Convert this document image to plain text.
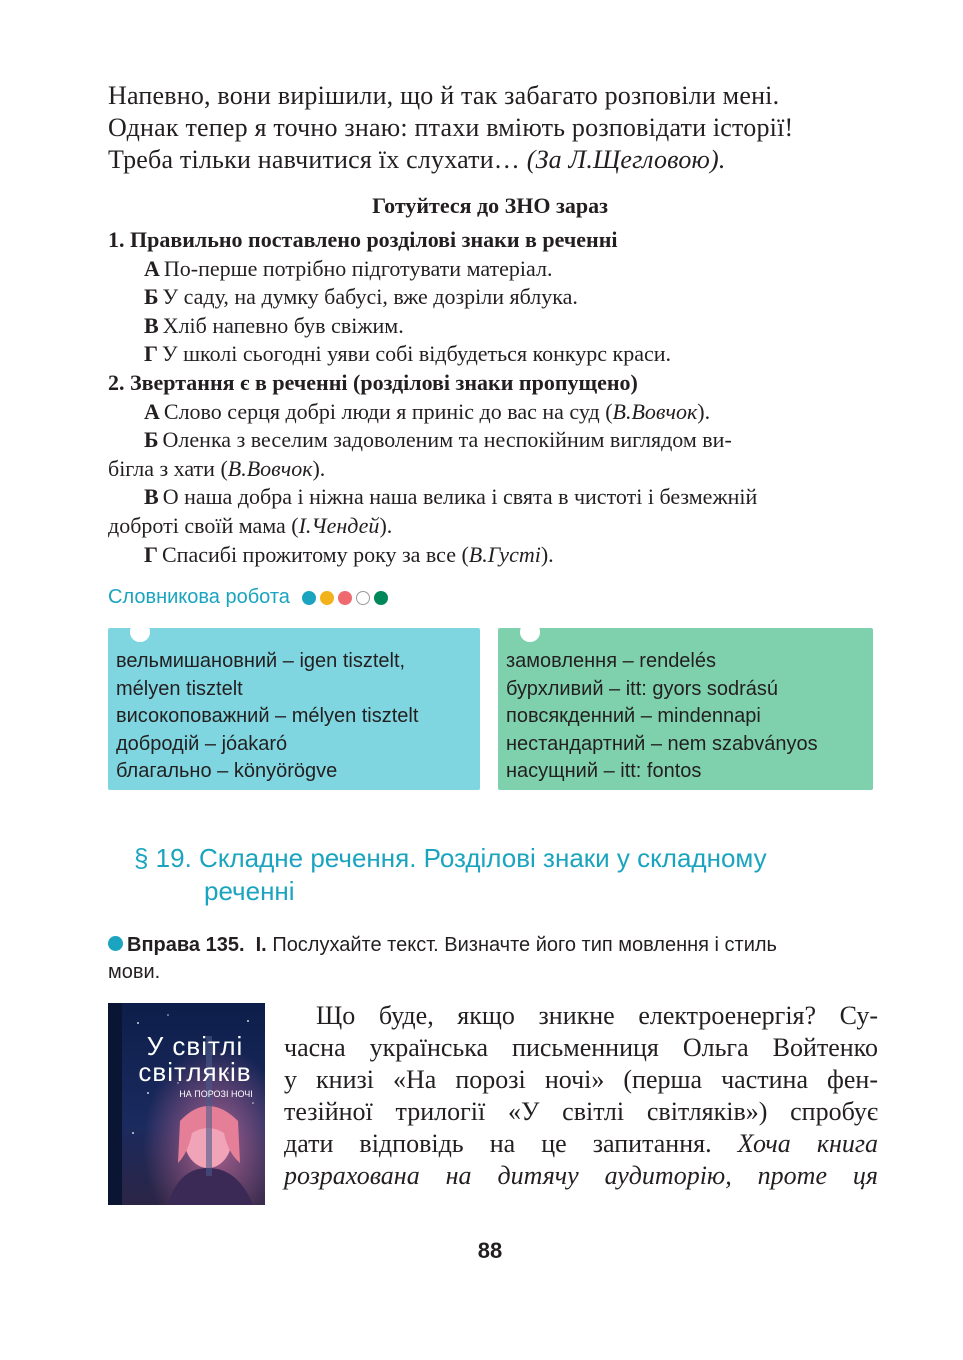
Напевно, вони вирішили, що й так забагато розповіли мені.
Однак тепер я точно знаю: птахи вміють розповідати історії!
Треба тільки навчитися їх слухати… (За Л.Щегловою).
Готуйтеся до ЗНО зараз
1. Правильно поставлено розділові знаки в реченні
А По-перше потрібно підготувати матеріал.
Б У саду, на думку бабусі, вже дозріли яблука.
В Хліб напевно був свіжим.
Г У школі сьогодні уяви собі відбудеться конкурс краси.
2. Звертання є в реченні (розділові знаки пропущено)
А Слово серця добрі люди я приніс до вас на суд (В.Вовчок).
Б Оленка з веселим задоволеним та неспокійним виглядом ви-
бігла з хати (В.Вовчок).
В О наша добра і ніжна наша велика і свята в чистоті і безмежній
доброті своїй мама (І.Чендей).
Г Спасибі прожитому року за все (В.Густі).
Словникова робота
вельмишановний – igen tisztelt,
mélyen tisztelt
високоповажний – mélyen tisztelt
добродій – jóakaró
благально – könyörögve
замовлення – rendelés
бурхливий – itt: gyors sodrású
повсякденний – mindennapi
нестандартний – nem szabványos
насущний – itt: fontos
§ 19. Складне речення. Розділові знаки у складному
реченні
Вправа 135. І. Послухайте текст. Визначте його тип мовлення і стиль
мови.
У світлі
світляків
НА ПОРОЗІ НОЧІ
Що буде, якщо зникне електроенергія? Су-
часна українська письменниця Ольга Войтенко
у книзі «На порозі ночі» (перша частина фен-
тезійної трилогії «У світлі світляків») спробує
дати відповідь на це запитання. Хоча книга
розрахована на дитячу аудиторію, проте ця
88
